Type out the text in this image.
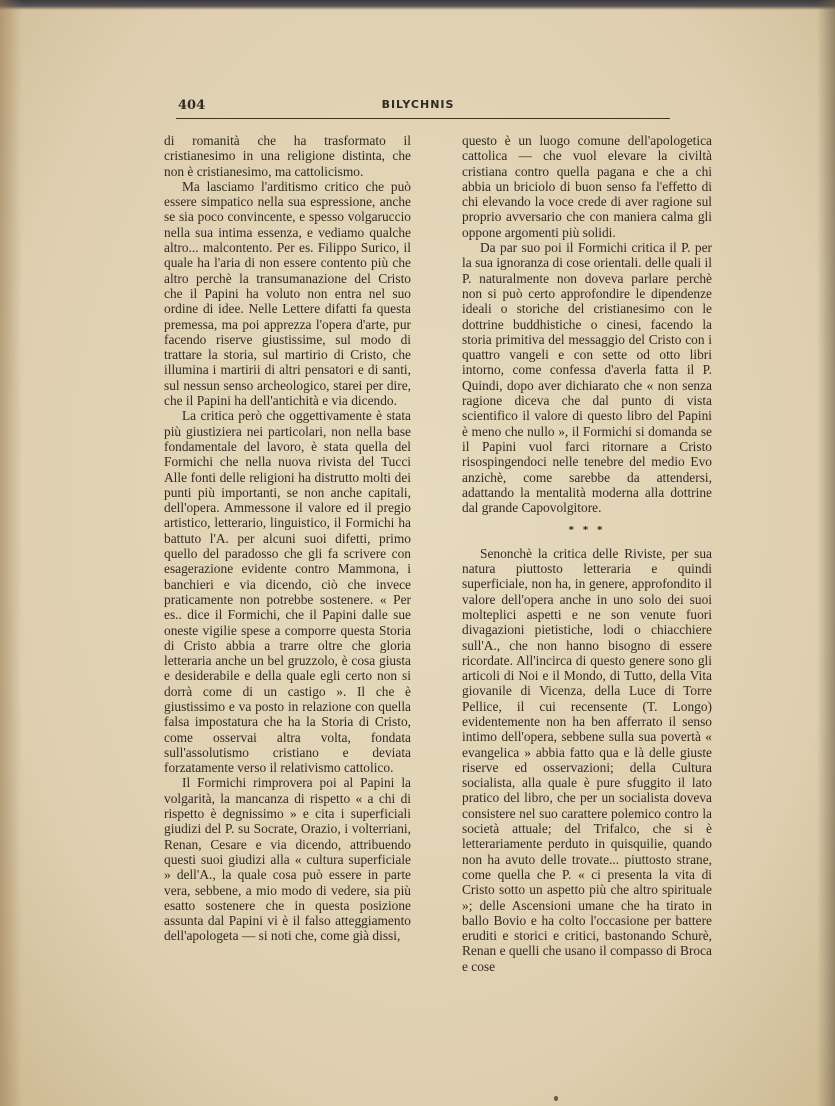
404	BILYCHNIS

di romanità che ha trasformato il cristianesimo in una religione distinta, che non è cristianesimo, ma cattolicismo.

Ma lasciamo l'arditismo critico che può essere simpatico nella sua espressione, anche se sia poco convincente, e spesso volgaruccio nella sua intima essenza, e vediamo qualche altro... malcontento. Per es. Filippo Surico, il quale ha l'aria di non essere contento più che altro perchè la transumanazione del Cristo che il Papini ha voluto non entra nel suo ordine di idee. Nelle Lettere difatti fa questa premessa, ma poi apprezza l'opera d'arte, pur facendo riserve giustissime, sul modo di trattare la storia, sul martirio di Cristo, che illumina i martirii di altri pensatori e di santi, sul nessun senso archeologico, starei per dire, che il Papini ha dell'antichità e via dicendo.

La critica però che oggettivamente è stata più giustiziera nei particolari, non nella base fondamentale del lavoro, è stata quella del Formichi che nella nuova rivista del Tucci Alle fonti delle religioni ha distrutto molti dei punti più importanti, se non anche capitali, dell'opera. Ammessone il valore ed il pregio artistico, letterario, linguistico, il Formichi ha battuto l'A. per alcuni suoi difetti, primo quello del paradosso che gli fa scrivere con esagerazione evidente contro Mammona, i banchieri e via dicendo, ciò che invece praticamente non potrebbe sostenere. « Per es.. dice il Formichi, che il Papini dalle sue oneste vigilie spese a comporre questa Storia di Cristo abbia a trarre oltre che gloria letteraria anche un bel gruzzolo, è cosa giusta e desiderabile e della quale egli certo non si dorrà come di un castigo ». Il che è giustissimo e va posto in relazione con quella falsa impostatura che ha la Storia di Cristo, come osservai altra volta, fondata sull'assolutismo cristiano e deviata forzatamente verso il relativismo cattolico.

Il Formichi rimprovera poi al Papini la volgarità, la mancanza di rispetto « a chi di rispetto è degnissimo » e cita i superficiali giudizi del P. su Socrate, Orazio, i volterriani, Renan, Cesare e via dicendo, attribuendo questi suoi giudizi alla « cultura superficiale » dell'A., la quale cosa può essere in parte vera, sebbene, a mio modo di vedere, sia più esatto sostenere che in questa posizione assunta dal Papini vi è il falso atteggiamento dell'apologeta — si noti che, come già dissi,

questo è un luogo comune dell'apologetica cattolica — che vuol elevare la civiltà cristiana contro quella pagana e che a chi abbia un briciolo di buon senso fa l'effetto di chi elevando la voce crede di aver ragione sul proprio avversario che con maniera calma gli oppone argomenti più solidi.

Da par suo poi il Formichi critica il P. per la sua ignoranza di cose orientali. delle quali il P. naturalmente non doveva parlare perchè non si può certo approfondire le dipendenze ideali o storiche del cristianesimo con le dottrine buddhistiche o cinesi, facendo la storia primitiva del messaggio del Cristo con i quattro vangeli e con sette od otto libri intorno, come confessa d'averla fatta il P. Quindi, dopo aver dichiarato che « non senza ragione diceva che dal punto di vista scientifico il valore di questo libro del Papini è meno che nullo », il Formichi si domanda se il Papini vuol farci ritornare a Cristo risospingendoci nelle tenebre del medio Evo anzichè, come sarebbe da attendersi, adattando la mentalità moderna alla dottrine dal grande Capovolgitore.

* * *

Senonchè la critica delle Riviste, per sua natura piuttosto letteraria e quindi superficiale, non ha, in genere, approfondito il valore dell'opera anche in uno solo dei suoi molteplici aspetti e ne son venute fuori divagazioni pietistiche, lodi o chiacchiere sull'A., che non hanno bisogno di essere ricordate. All'incirca di questo genere sono gli articoli di Noi e il Mondo, di Tutto, della Vita giovanile di Vicenza, della Luce di Torre Pellice, il cui recensente (T. Longo) evidentemente non ha ben afferrato il senso intimo dell'opera, sebbene sulla sua povertà « evangelica » abbia fatto qua e là delle giuste riserve ed osservazioni; della Cultura socialista, alla quale è pure sfuggito il lato pratico del libro, che per un socialista doveva consistere nel suo carattere polemico contro la società attuale; del Trifalco, che si è letterariamente perduto in quisquilie, quando non ha avuto delle trovate... piuttosto strane, come quella che P. « ci presenta la vita di Cristo sotto un aspetto più che altro spirituale »; delle Ascensioni umane che ha tirato in ballo Bovio e ha colto l'occasione per battere eruditi e storici e critici, bastonando Schurè, Renan e quelli che usano il compasso di Broca e cose
